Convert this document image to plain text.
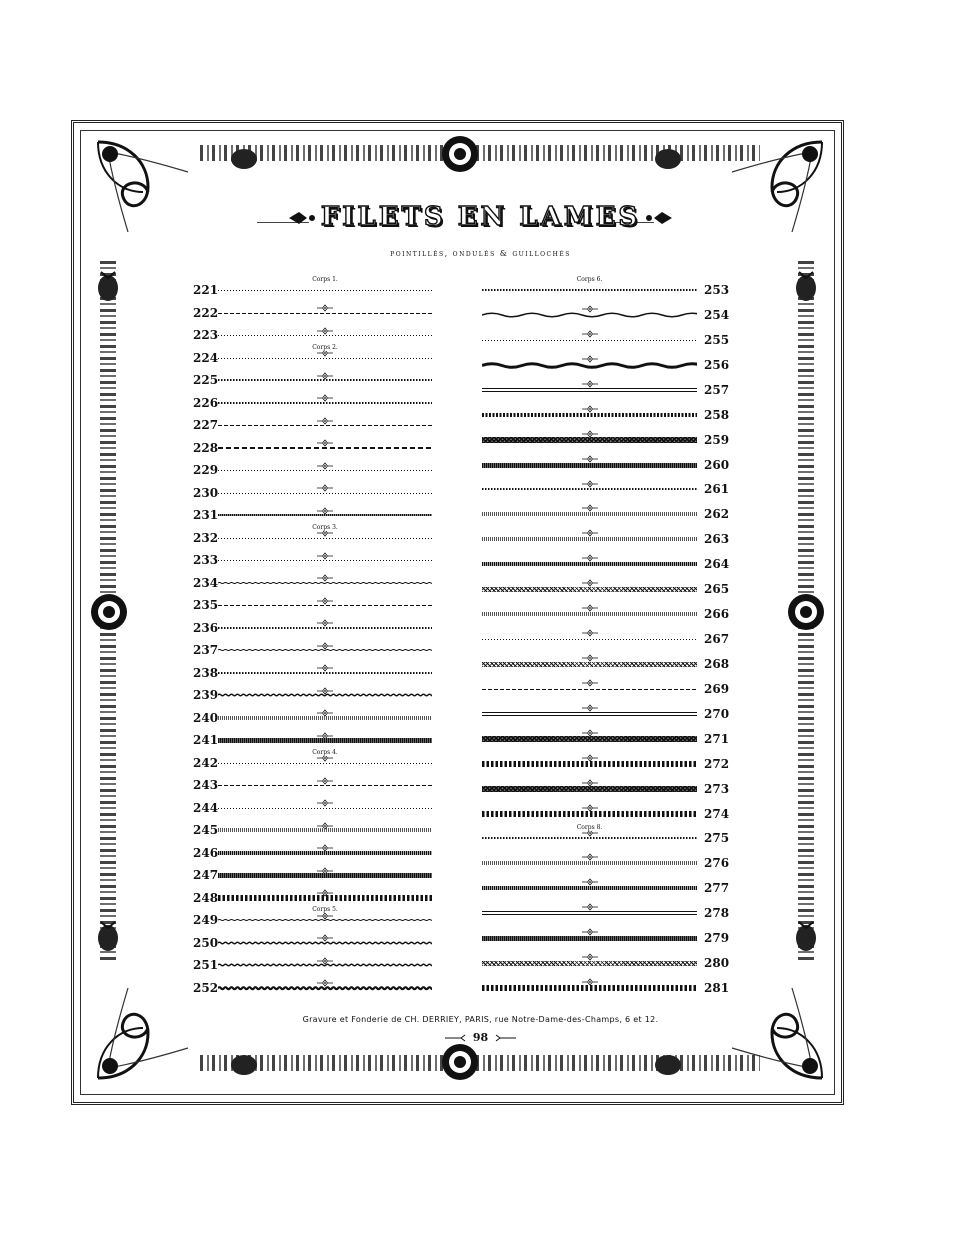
FILETS EN LAMES
pointillés, ondulés & guillochés
Gravure et Fonderie de CH. DERRIEY, PARIS, rue Notre-Dame-des-Champs, 6 et 12.
98
221
222
223
224
225
226
227
228
229
230
231
232
233
234
235
236
237
238
239
240
241
242
243
244
245
246
247
248
249
250
251
252
Corps 1.
Corps 2.
Corps 3.
Corps 4.
Corps 5.
253
254
255
256
257
258
259
260
261
262
263
264
265
266
267
268
269
270
271
272
273
274
275
276
277
278
279
280
281
Corps 6.
Corps 8.
